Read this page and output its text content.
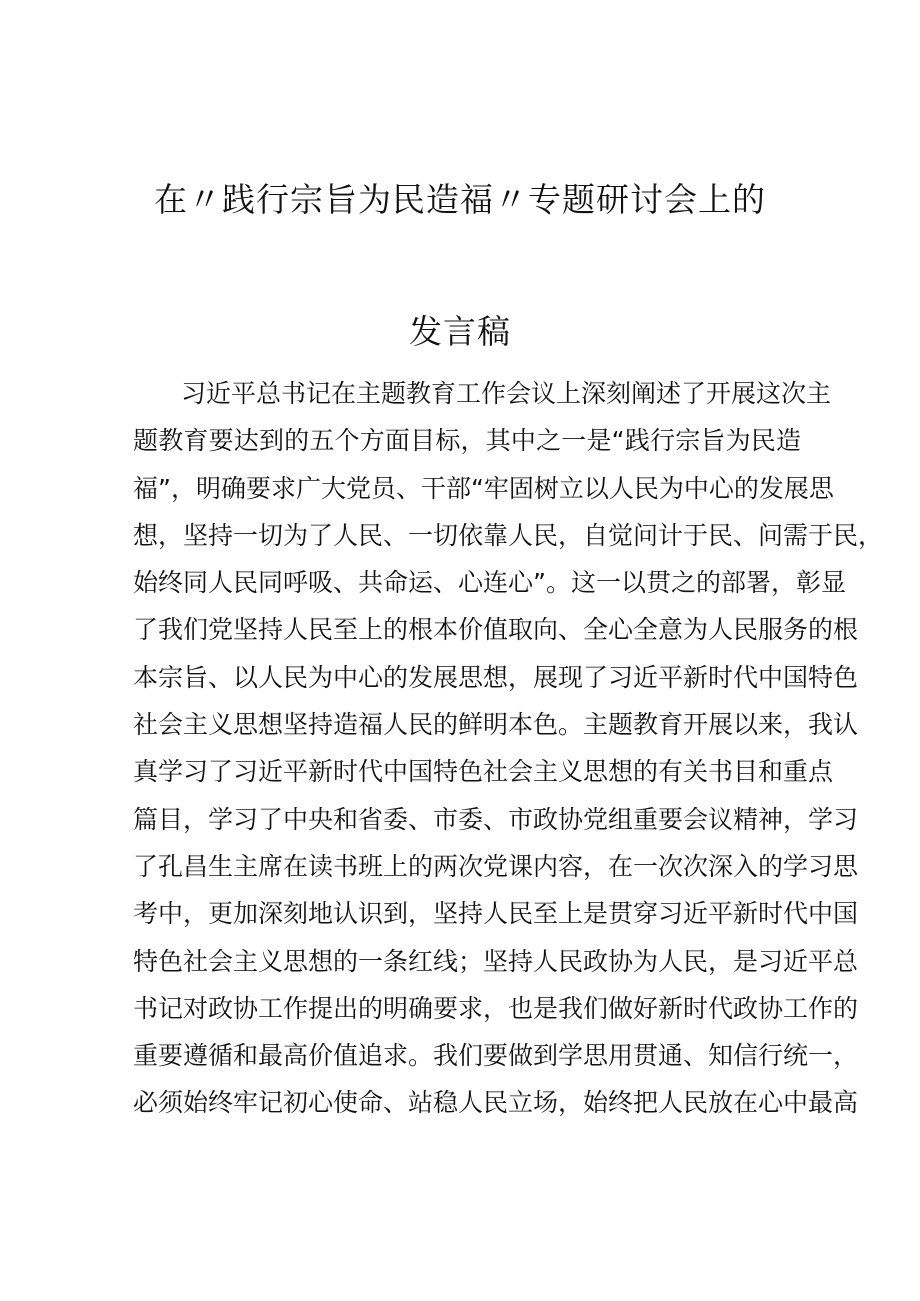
在〃践行宗旨为民造福〃专题研讨会上的
发言稿
习近平总书记在主题教育工作会议上深刻阐述了开展这次主
题教育要达到的五个方面目标，其中之一是“践行宗旨为民造
福”，明确要求广大党员、干部“牢固树立以人民为中心的发展思
想，坚持一切为了人民、一切依靠人民，自觉问计于民、问需于民，
始终同人民同呼吸、共命运、心连心”。这一以贯之的部署，彰显
了我们党坚持人民至上的根本价值取向、全心全意为人民服务的根
本宗旨、以人民为中心的发展思想，展现了习近平新时代中国特色
社会主义思想坚持造福人民的鲜明本色。主题教育开展以来，我认
真学习了习近平新时代中国特色社会主义思想的有关书目和重点
篇目，学习了中央和省委、市委、市政协党组重要会议精神，学习
了孔昌生主席在读书班上的两次党课内容，在一次次深入的学习思
考中，更加深刻地认识到，坚持人民至上是贯穿习近平新时代中国
特色社会主义思想的一条红线；坚持人民政协为人民，是习近平总
书记对政协工作提出的明确要求，也是我们做好新时代政协工作的
重要遵循和最高价值追求。我们要做到学思用贯通、知信行统一，
必须始终牢记初心使命、站稳人民立场，始终把人民放在心中最高
